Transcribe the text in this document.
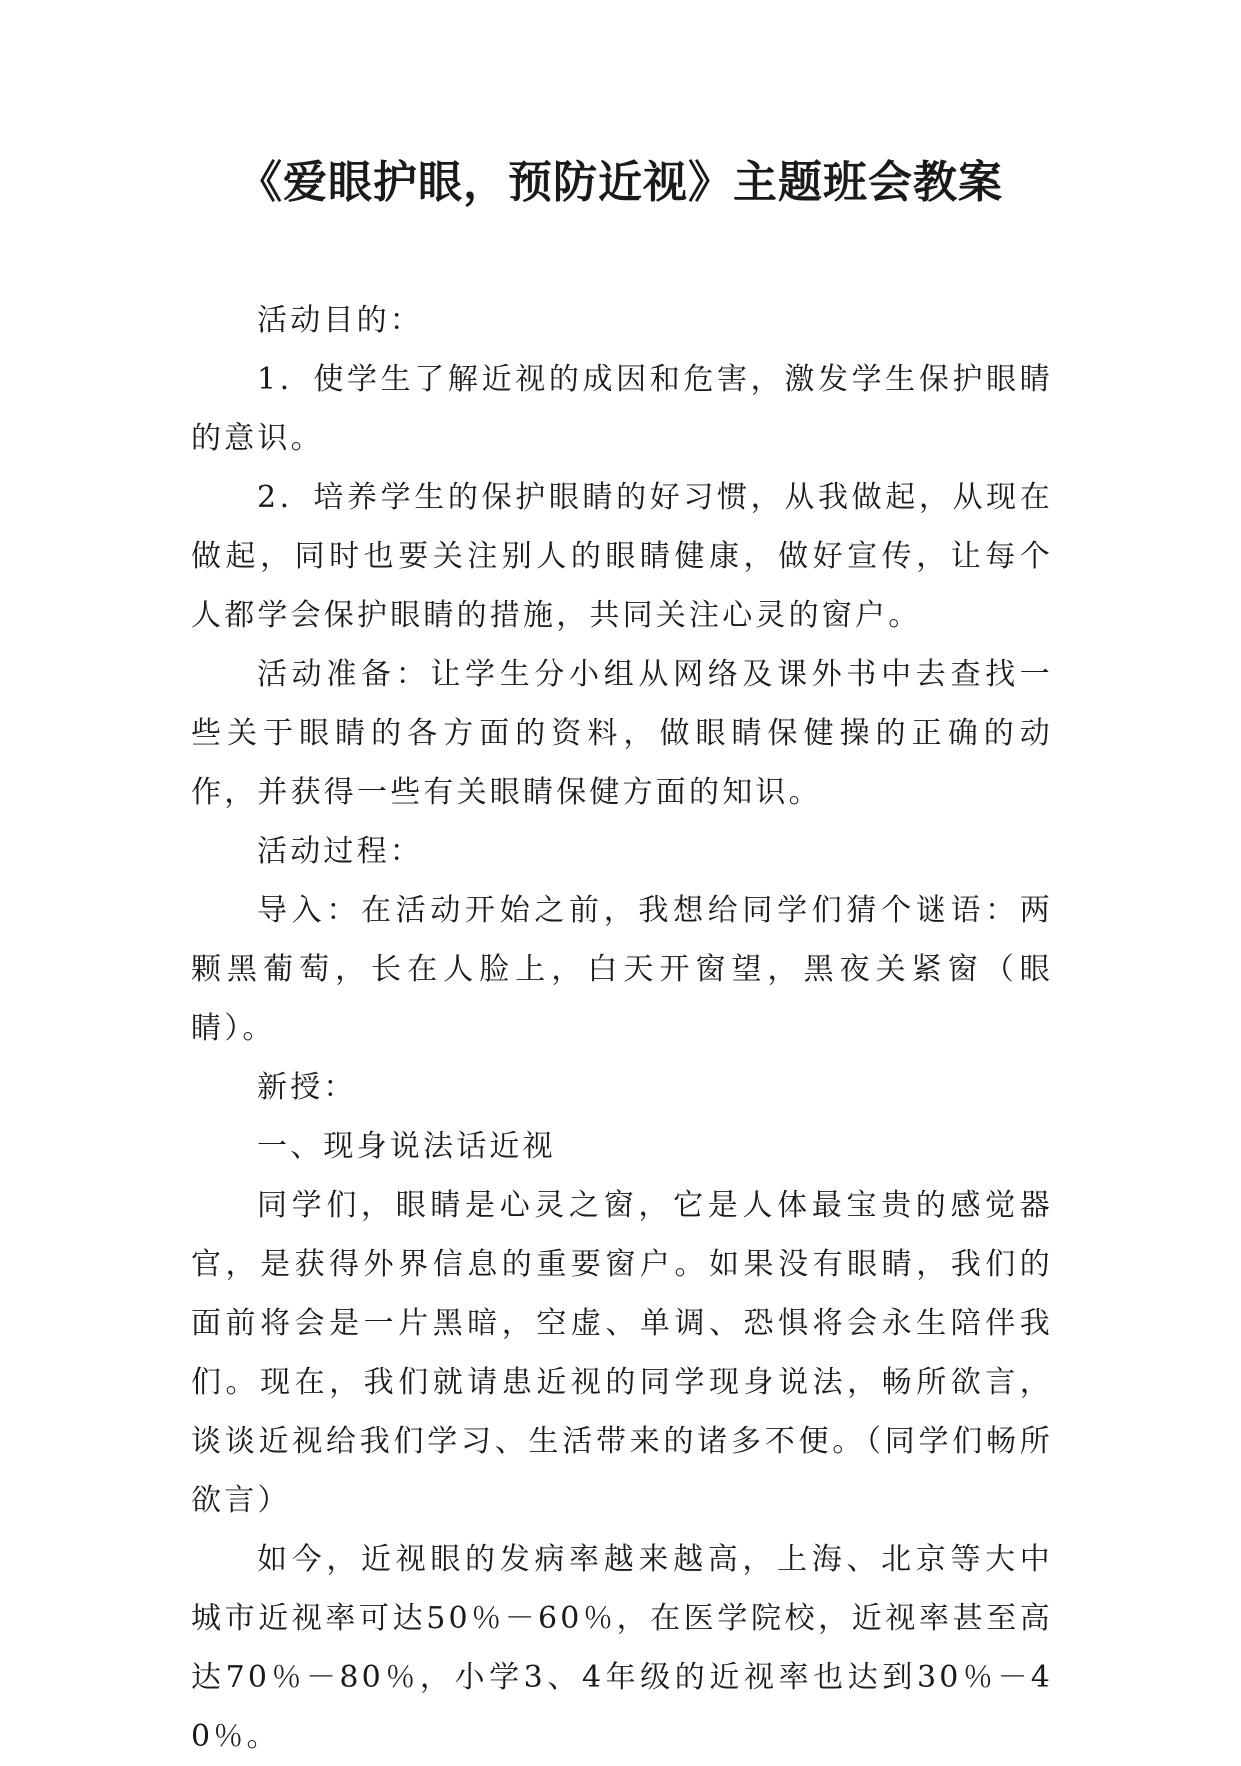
《爱眼护眼，预防近视》主题班会教案

活动目的：

1．使学生了解近视的成因和危害，激发学生保护眼睛的意识。

2．培养学生的保护眼睛的好习惯，从我做起，从现在做起，同时也要关注别人的眼睛健康，做好宣传，让每个人都学会保护眼睛的措施，共同关注心灵的窗户。

活动准备：让学生分小组从网络及课外书中去查找一些关于眼睛的各方面的资料，做眼睛保健操的正确的动作，并获得一些有关眼睛保健方面的知识。

活动过程：

导入：在活动开始之前，我想给同学们猜个谜语：两颗黑葡萄，长在人脸上，白天开窗望，黑夜关紧窗（眼睛）。

新授：

一、现身说法话近视

同学们，眼睛是心灵之窗，它是人体最宝贵的感觉器官，是获得外界信息的重要窗户。如果没有眼睛，我们的面前将会是一片黑暗，空虚、单调、恐惧将会永生陪伴我们。现在，我们就请患近视的同学现身说法，畅所欲言，谈谈近视给我们学习、生活带来的诸多不便。（同学们畅所欲言）

如今，近视眼的发病率越来越高，上海、北京等大中城市近视率可达50％－60％，在医学院校，近视率甚至高达70％－80％，小学3、4年级的近视率也达到30％－40％。
